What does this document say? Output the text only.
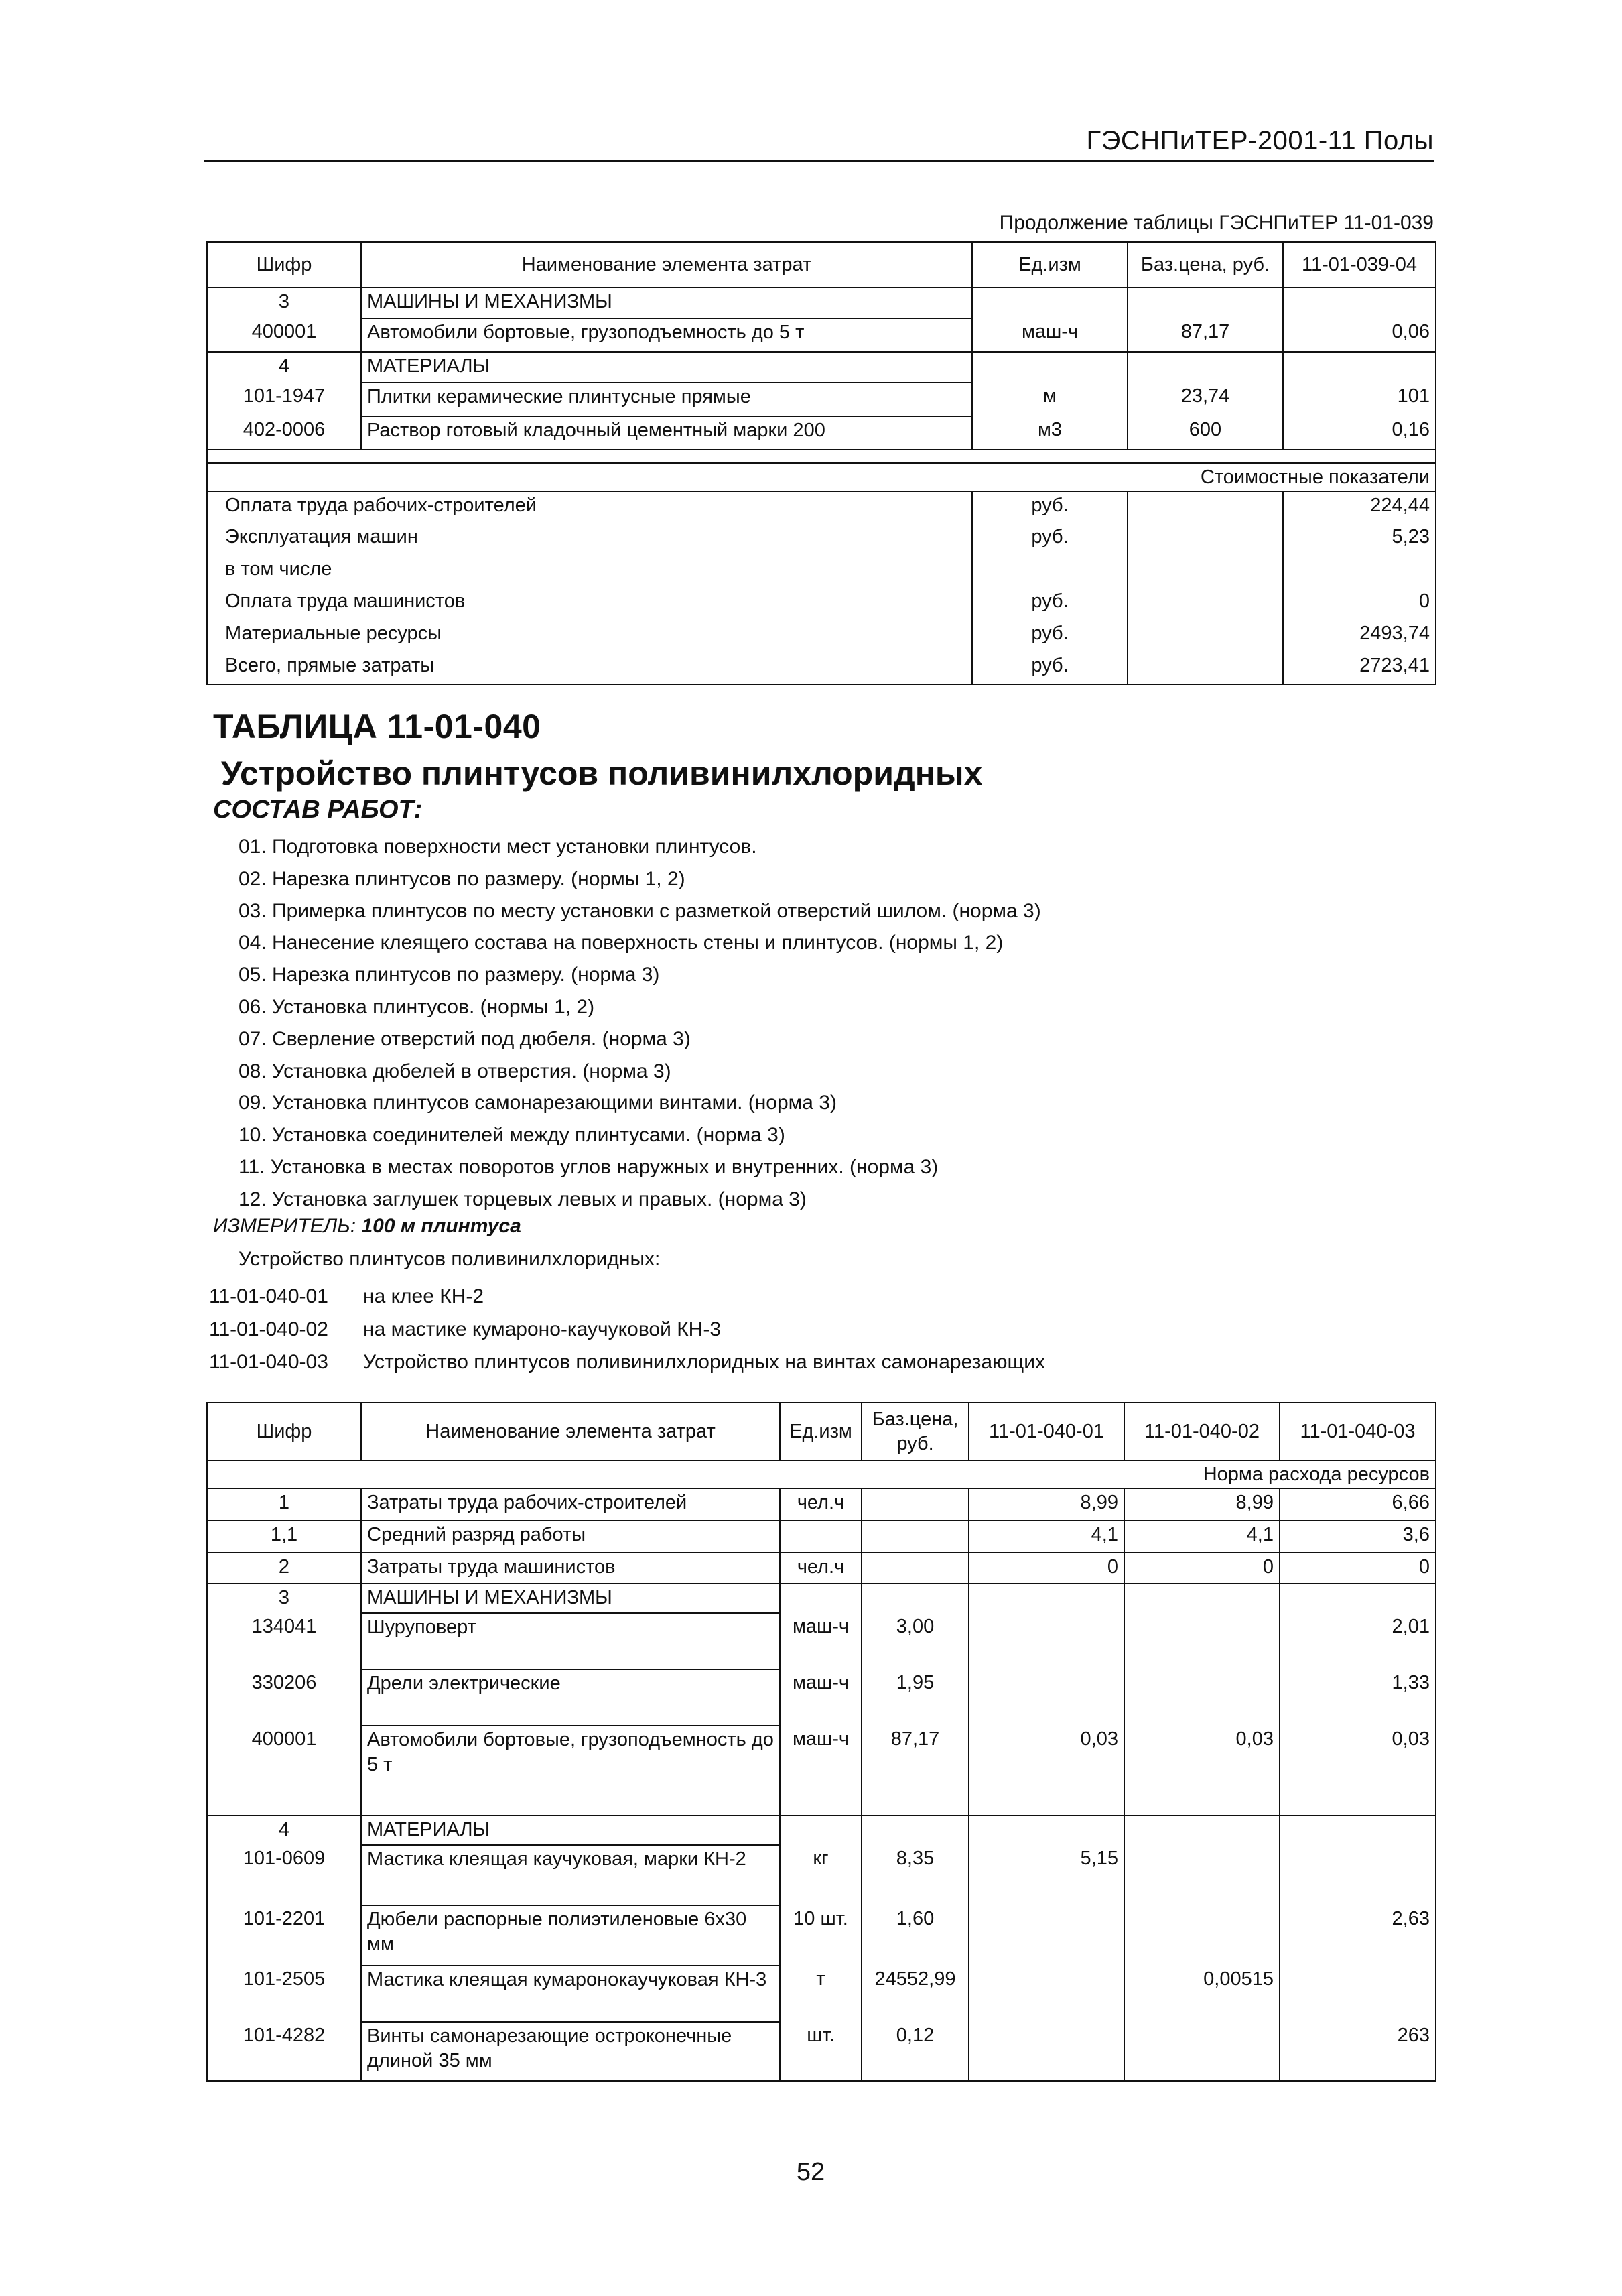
ГЭСНПиТЕР-2001-11 Полы
Продолжение таблицы ГЭСНПиТЕР 11-01-039
Шифр	Наименование элемента затрат	Ед.изм	Баз.цена, руб.	11-01-039-04
3	МАШИНЫ И МЕХАНИЗМЫ			
400001	Автомобили бортовые, грузоподъемность до 5 т	маш-ч	87,17	0,06
4	МАТЕРИАЛЫ			
101-1947	Плитки керамические плинтусные прямые	м	23,74	101
402-0006	Раствор готовый кладочный цементный марки 200	м3	600	0,16

Стоимостные показатели				
Оплата труда рабочих-строителей		руб.		224,44
Эксплуатация машин		руб.		5,23
в том числе				
Оплата труда машинистов		руб.		0
Материальные ресурсы		руб.		2493,74
Всего, прямые затраты		руб.		2723,41
ТАБЛИЦА 11-01-040
Устройство плинтусов поливинилхлоридных
СОСТАВ РАБОТ:
01. Подготовка поверхности мест установки плинтусов.
02. Нарезка плинтусов по размеру. (нормы 1, 2)
03. Примерка плинтусов по месту установки с разметкой отверстий шилом. (норма 3)
04. Нанесение клеящего состава на поверхность стены и плинтусов. (нормы 1, 2)
05. Нарезка плинтусов по размеру. (норма 3)
06. Установка плинтусов. (нормы 1, 2)
07. Сверление отверстий под дюбеля. (норма 3)
08. Установка дюбелей в отверстия. (норма 3)
09. Установка плинтусов самонарезающими винтами. (норма 3)
10. Установка соединителей между плинтусами. (норма 3)
11. Установка в местах поворотов углов наружных и внутренних. (норма 3)
12. Установка заглушек торцевых левых и правых. (норма 3)
ИЗМЕРИТЕЛЬ: 100 м плинтуса
Устройство плинтусов поливинилхлоридных:
11-01-040-01 на клее КН-2
11-01-040-02 на мастике кумароно-каучуковой КН-3
11-01-040-03 Устройство плинтусов поливинилхлоридных на винтах самонарезающих
Шифр	Наименование элемента затрат	Ед.изм	Баз.цена, руб.	11-01-040-01	11-01-040-02	11-01-040-03
Норма расхода ресурсов						
1	Затраты труда рабочих-строителей	чел.ч		8,99	8,99	6,66
1,1	Средний разряд работы			4,1	4,1	3,6
2	Затраты труда машинистов	чел.ч		0	0	0
3	МАШИНЫ И МЕХАНИЗМЫ					
134041	Шуруповерт	маш-ч	3,00			2,01
330206	Дрели электрические	маш-ч	1,95			1,33
400001	Автомобили бортовые, грузоподъемность до 5 т	маш-ч	87,17	0,03	0,03	0,03
4	МАТЕРИАЛЫ					
101-0609	Мастика клеящая каучуковая, марки КН-2	кг	8,35	5,15		
101-2201	Дюбели распорные полиэтиленовые 6х30 мм	10 шт.	1,60			2,63
101-2505	Мастика клеящая кумаронокаучуковая КН-3	т	24552,99		0,00515	
101-4282	Винты самонарезающие остроконечные длиной 35 мм	шт.	0,12			263
52
